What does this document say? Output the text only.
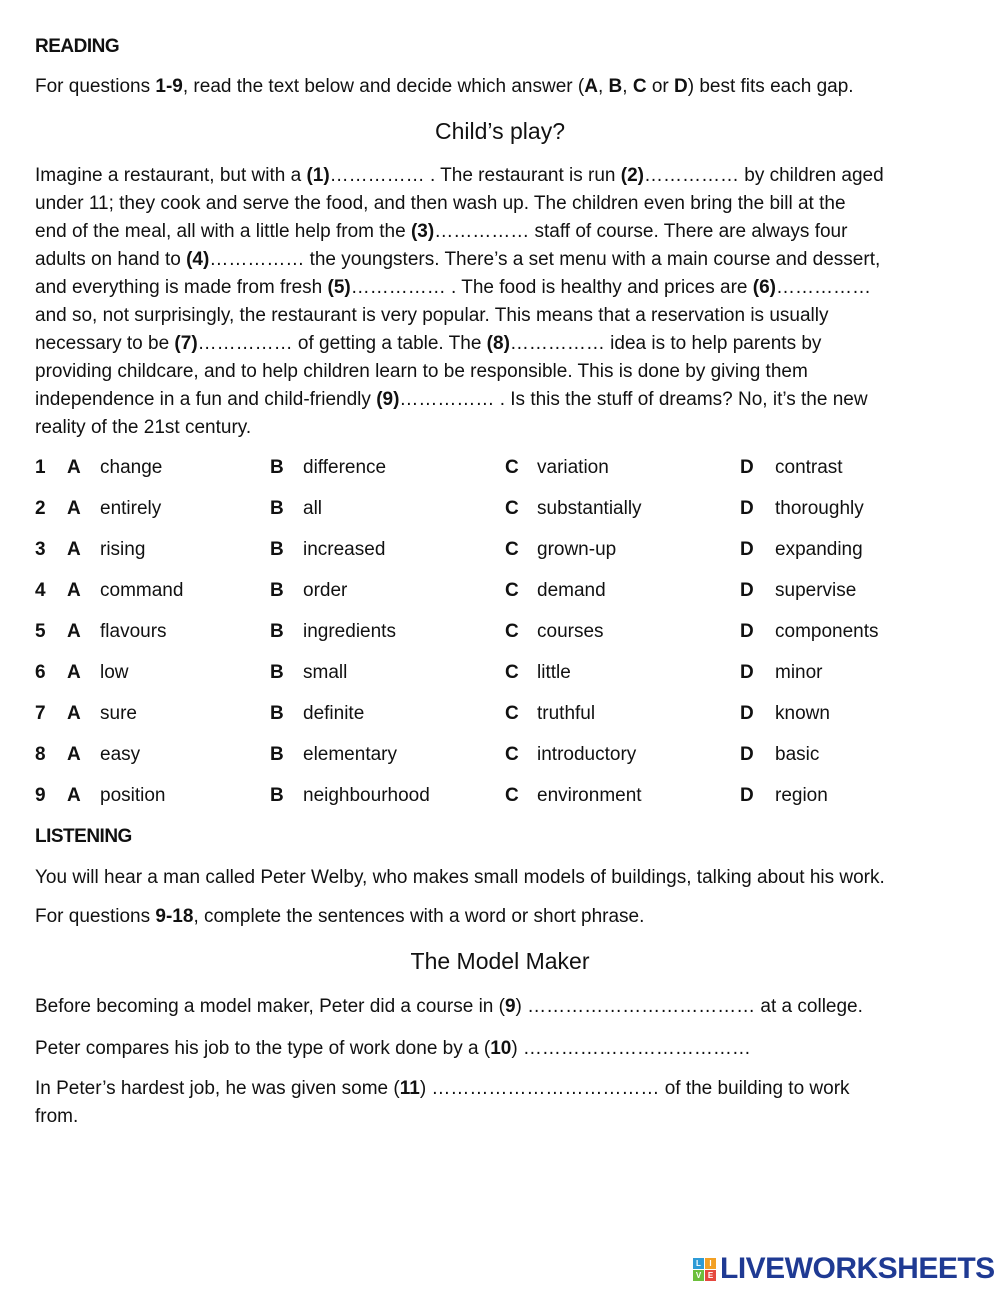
READING
For questions 1-9, read the text below and decide which answer (A, B, C or D) best fits each gap.
Child’s play?
Imagine a restaurant, but with a (1)…………… . The restaurant is run (2)…………… by children aged
under 11; they cook and serve the food, and then wash up. The children even bring the bill at the
end of the meal, all with a little help from the (3)…………… staff of course. There are always four
adults on hand to (4)…………… the youngsters. There’s a set menu with a main course and dessert,
and everything is made from fresh (5)…………… . The food is healthy and prices are (6)……………
and so, not surprisingly, the restaurant is very popular. This means that a reservation is usually
necessary to be (7)…………… of getting a table. The (8)…………… idea is to help parents by
providing childcare, and to help children learn to be responsible. This is done by giving them
independence in a fun and child-friendly (9)…………… . Is this the stuff of dreams? No, it’s the new
reality of the 21st century.
1 A change	B difference	C variation	D contrast
2 A entirely	B all	C substantially	D thoroughly
3 A rising	B increased	C grown-up	D expanding
4 A command	B order	C demand	D supervise
5 A flavours	B ingredients	C courses	D components
6 A low	B small	C little	D minor
7 A sure	B definite	C truthful	D known
8 A easy	B elementary	C introductory	D basic
9 A position	B neighbourhood	C environment	D region
LISTENING
You will hear a man called Peter Welby, who makes small models of buildings, talking about his work.
For questions 9-18, complete the sentences with a word or short phrase.
The Model Maker
Before becoming a model maker, Peter did a course in (9) ……………………………… at a college.
Peter compares his job to the type of work done by a (10) ………………………………
In Peter’s hardest job, he was given some (11) ……………………………… of the building to work
from.
L	I
V E LIVEWORKSHEETS
